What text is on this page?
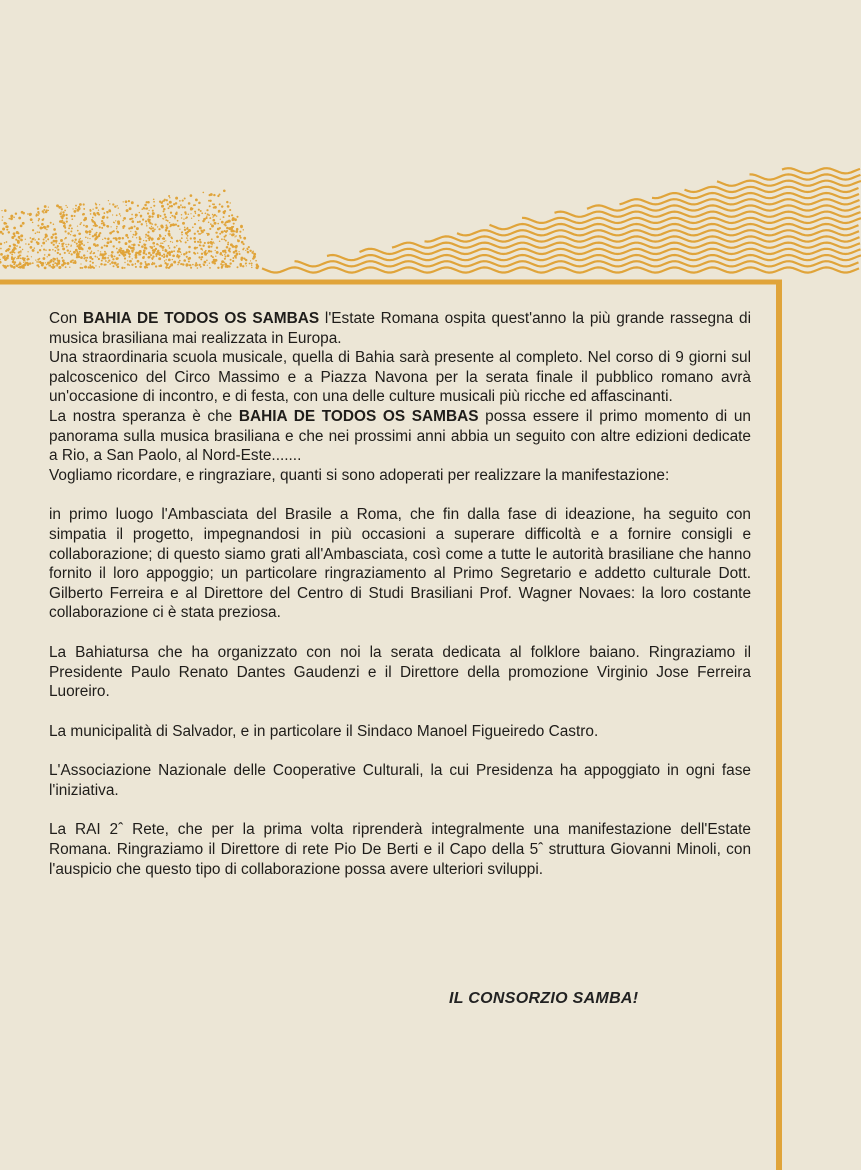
Con BAHIA DE TODOS OS SAMBAS l'Estate Romana ospita quest'anno la più grande rassegna di musica brasiliana mai realizzata in Europa.

Una straordinaria scuola musicale, quella di Bahia sarà presente al completo. Nel corso di 9 giorni sul palcoscenico del Circo Massimo e a Piazza Navona per la serata finale il pubblico romano avrà un'occasione di incontro, e di festa, con una delle culture musicali più ricche ed affascinanti.

La nostra speranza è che BAHIA DE TODOS OS SAMBAS possa essere il primo momento di un panorama sulla musica brasiliana e che nei prossimi anni abbia un seguito con altre edizioni dedicate a Rio, a San Paolo, al Nord-Este.......

Vogliamo ricordare, e ringraziare, quanti si sono adoperati per realizzare la manifestazione:

in primo luogo l'Ambasciata del Brasile a Roma, che fin dalla fase di ideazione, ha seguito con simpatia il progetto, impegnandosi in più occasioni a superare difficoltà e a fornire consigli e collaborazione; di questo siamo grati all'Ambasciata, così come a tutte le autorità brasiliane che hanno fornito il loro appoggio; un particolare ringraziamento al Primo Segretario e addetto culturale Dott. Gilberto Ferreira e al Direttore del Centro di Studi Brasiliani Prof. Wagner Novaes: la loro costante collaborazione ci è stata preziosa.

La Bahiatursa che ha organizzato con noi la serata dedicata al folklore baiano. Ringraziamo il Presidente Paulo Renato Dantes Gaudenzi e il Direttore della promozione Virginio Jose Ferreira Luoreiro.

La municipalità di Salvador, e in particolare il Sindaco Manoel Figueiredo Castro.

L'Associazione Nazionale delle Cooperative Culturali, la cui Presidenza ha appoggiato in ogni fase l'iniziativa.

La RAI 2ˆ Rete, che per la prima volta riprenderà integralmente una manifestazione dell'Estate Romana. Ringraziamo il Direttore di rete Pio De Berti e il Capo della 5ˆ struttura Giovanni Minoli, con l'auspicio che questo tipo di collaborazione possa avere ulteriori sviluppi.

IL CONSORZIO SAMBA!
